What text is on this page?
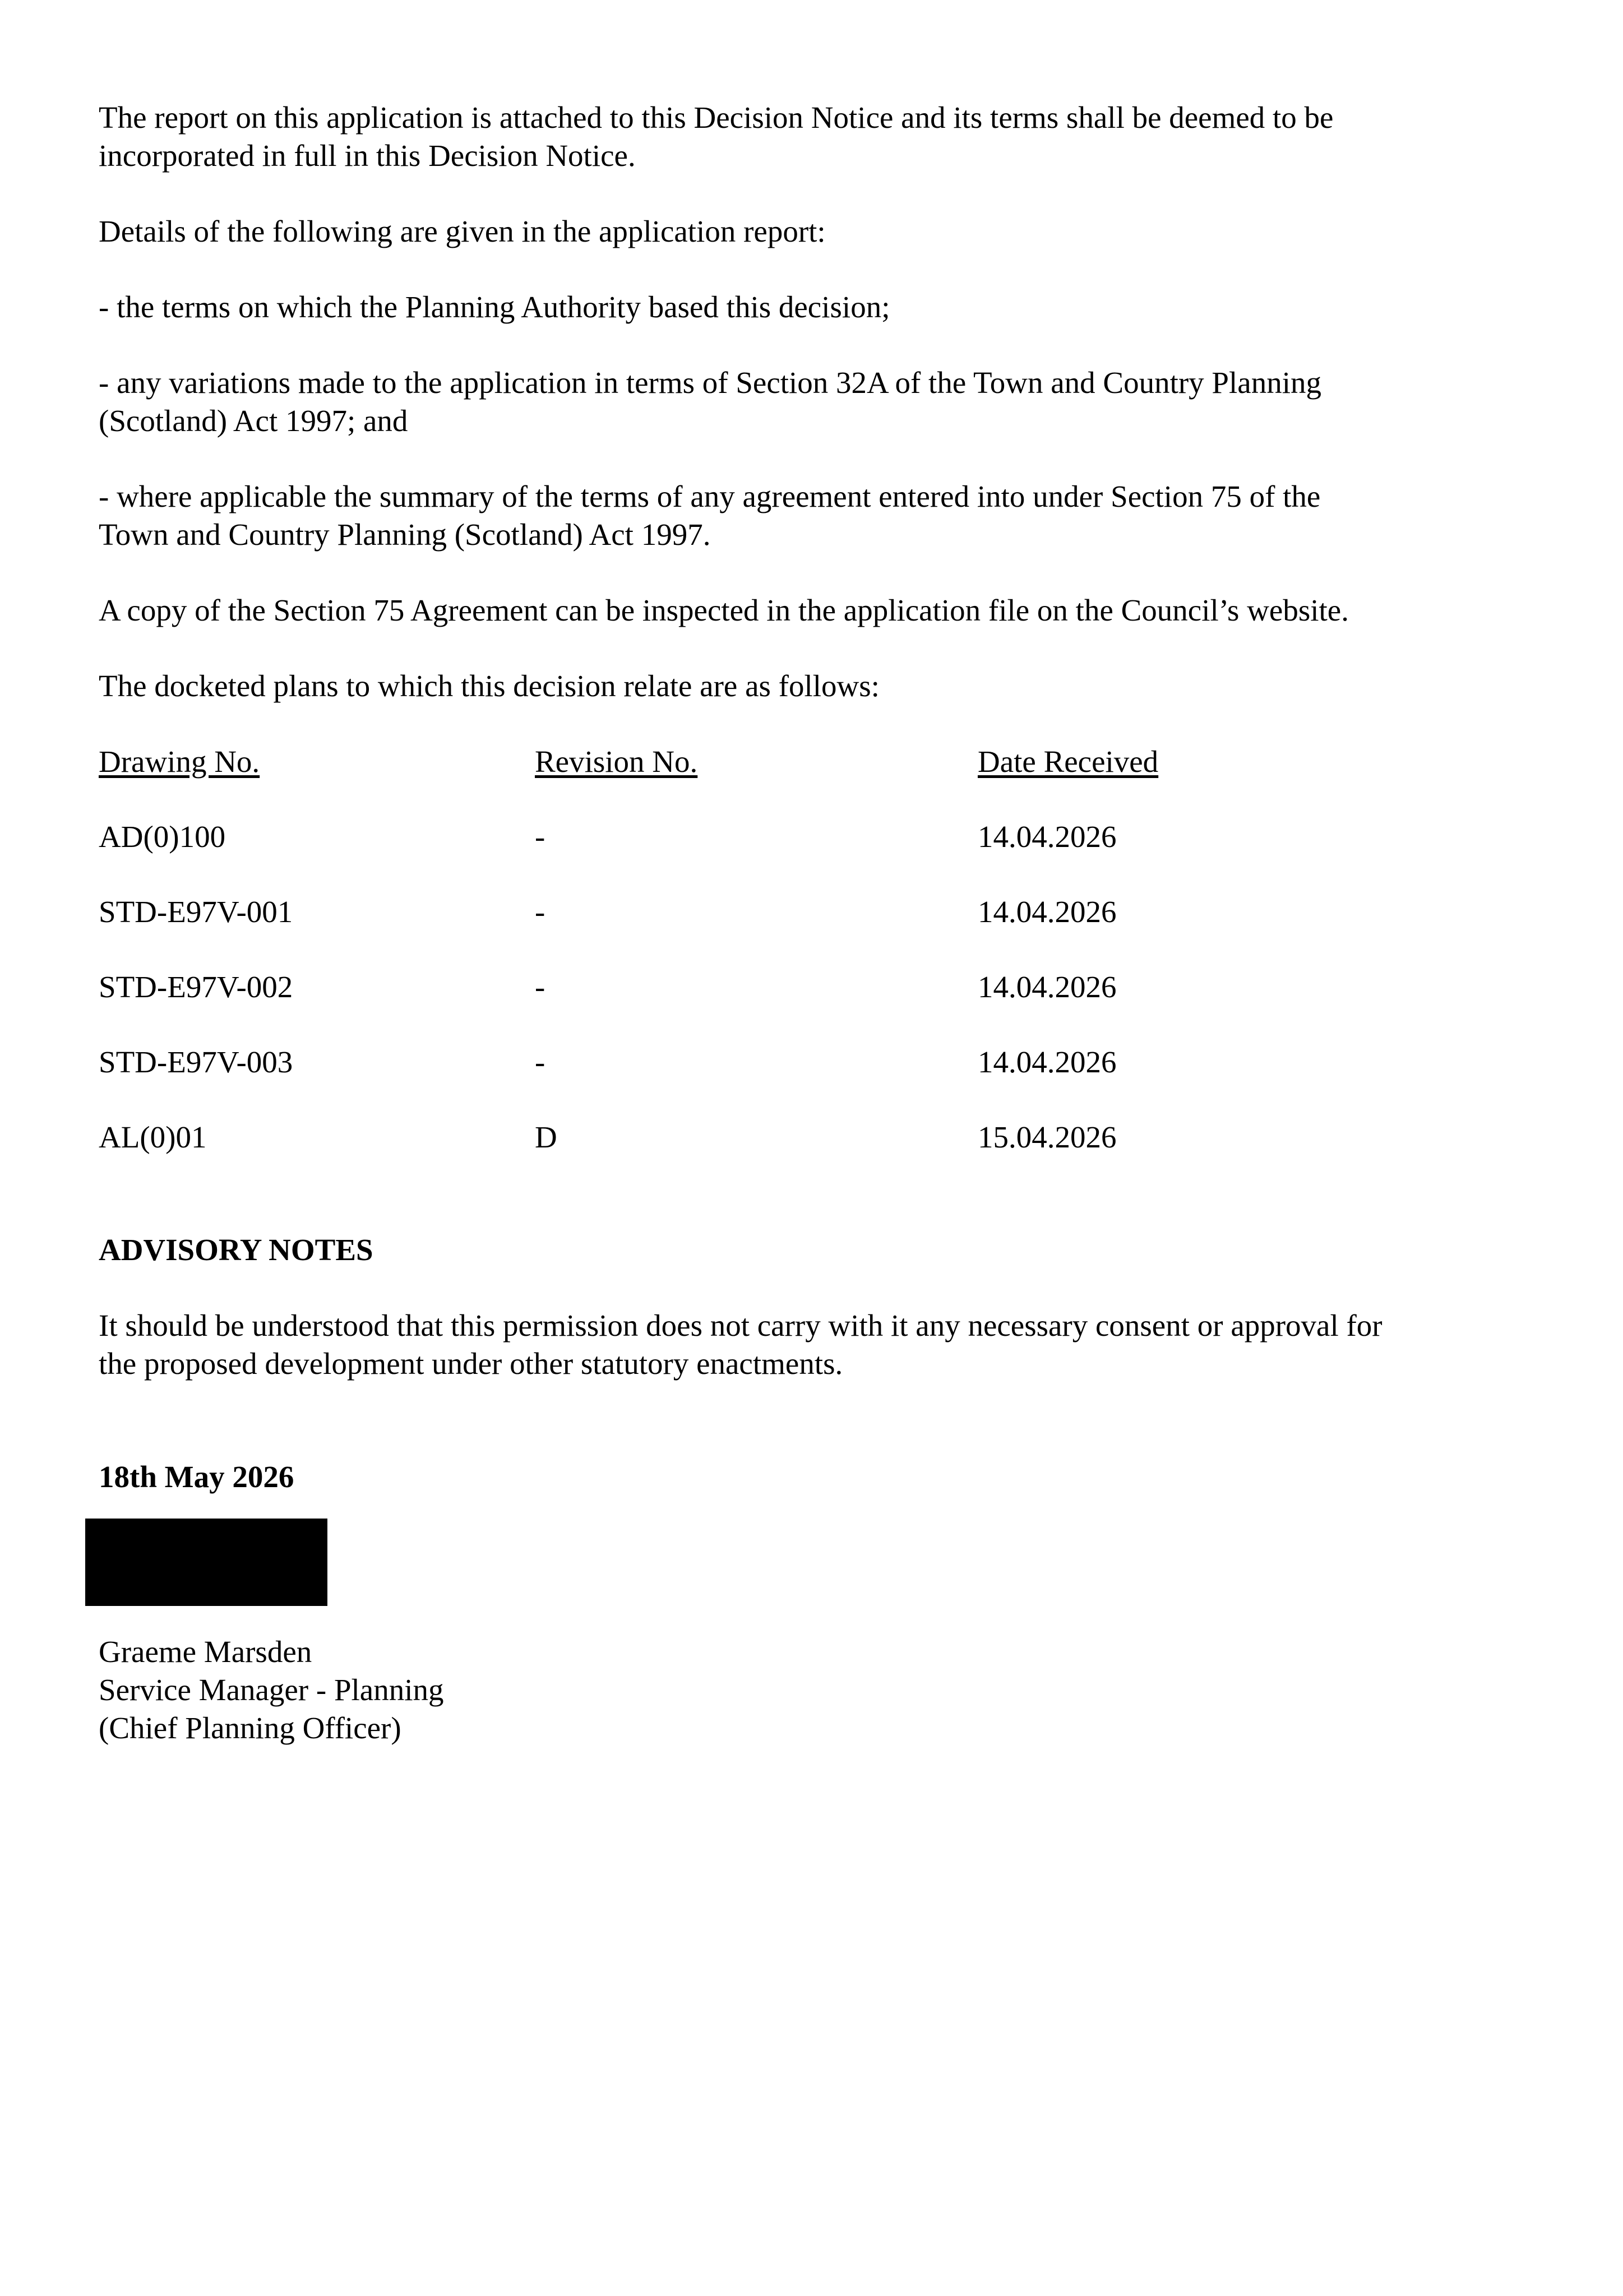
The report on this application is attached to this Decision Notice and its terms shall be deemed to be incorporated in full in this Decision Notice.

Details of the following are given in the application report:

- the terms on which the Planning Authority based this decision;

- any variations made to the application in terms of Section 32A of the Town and Country Planning (Scotland) Act 1997; and

- where applicable the summary of the terms of any agreement entered into under Section 75 of the Town and Country Planning (Scotland) Act 1997.

A copy of the Section 75 Agreement can be inspected in the application file on the Council’s website.

The docketed plans to which this decision relate are as follows:

Drawing No.	Revision No.	Date Received
AD(0)100	-	14.04.2026
STD-E97V-001	-	14.04.2026
STD-E97V-002	-	14.04.2026
STD-E97V-003	-	14.04.2026
AL(0)01	D	15.04.2026
ADVISORY NOTES

It should be understood that this permission does not carry with it any necessary consent or approval for the proposed development under other statutory enactments.

18th May 2026

Graeme Marsden

Service Manager - Planning

(Chief Planning Officer)
